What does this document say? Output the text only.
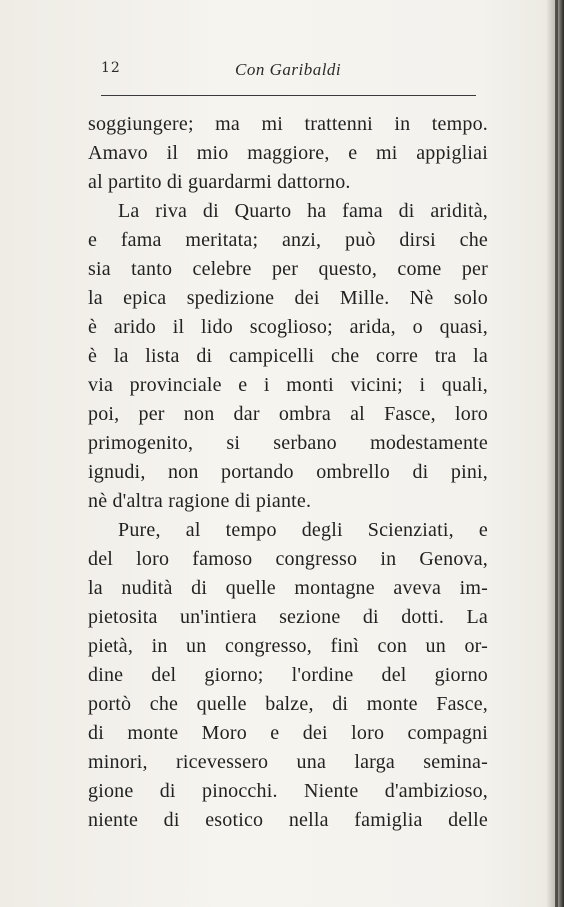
12	Con Garibaldi
soggiungere; ma mi trattenni in tempo.
Amavo il mio maggiore, e mi appigliai
al partito di guardarmi dattorno.
La riva di Quarto ha fama di aridità,
e fama meritata; anzi, può dirsi che
sia tanto celebre per questo, come per
la epica spedizione dei Mille. Nè solo
è arido il lido scoglioso; arida, o quasi,
è la lista di campicelli che corre tra la
via provinciale e i monti vicini; i quali,
poi, per non dar ombra al Fasce, loro
primogenito, si serbano modestamente
ignudi, non portando ombrello di pini,
nè d'altra ragione di piante.
Pure, al tempo degli Scienziati, e
del loro famoso congresso in Genova,
la nudità di quelle montagne aveva im-
pietosita un'intiera sezione di dotti. La
pietà, in un congresso, finì con un or-
dine del giorno; l'ordine del giorno
portò che quelle balze, di monte Fasce,
di monte Moro e dei loro compagni
minori, ricevessero una larga semina-
gione di pinocchi. Niente d'ambizioso,
niente di esotico nella famiglia delle
